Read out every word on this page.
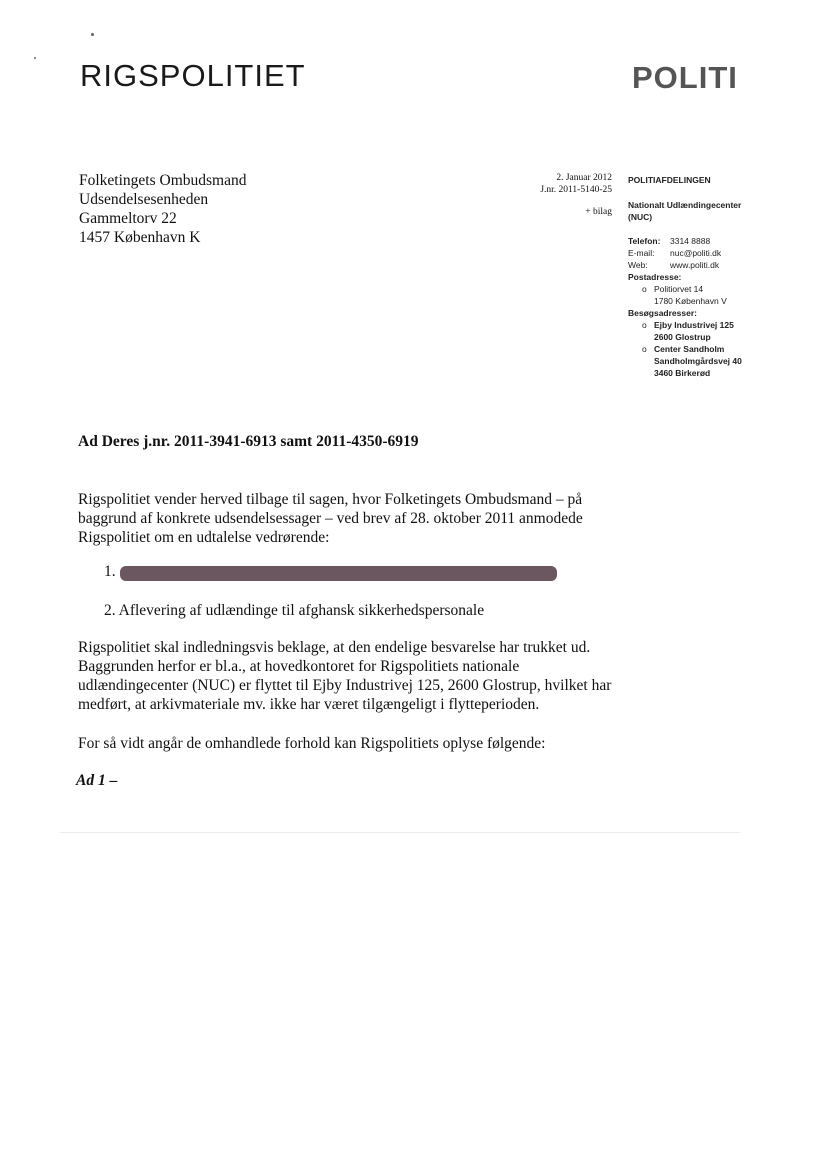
RIGSPOLITIET	POLITI
Folketingets Ombudsmand
Udsendelsesenheden
Gammeltorv 22
1457 København K
2. Januar 2012
J.nr. 2011-5140-25
+ bilag
POLITIAFDELINGEN
Nationalt Udlændingecenter
(NUC)
Telefon: 3314 8888
E-mail: nuc@politi.dk
Web:	www.politi.dk
Postadresse:
o Politiorvet 14
1780 København V
Besøgsadresser:
o Ejby Industrivej 125
2600 Glostrup
o Center Sandholm
Sandholmgårdsvej 40
3460 Birkerød
Ad Deres j.nr. 2011-3941-6913 samt 2011-4350-6919
Rigspolitiet vender herved tilbage til sagen, hvor Folketingets Ombudsmand – på baggrund af konkrete udsendelsessager – ved brev af 28. oktober 2011 anmodede Rigspolitiet om en udtalelse vedrørende:
1.
2. Aflevering af udlændinge til afghansk sikkerhedspersonale
Rigspolitiet skal indledningsvis beklage, at den endelige besvarelse har trukket ud. Baggrunden herfor er bl.a., at hovedkontoret for Rigspolitiets nationale udlændingecenter (NUC) er flyttet til Ejby Industrivej 125, 2600 Glostrup, hvilket har medført, at arkivmateriale mv. ikke har været tilgængeligt i flytteperioden.
For så vidt angår de omhandlede forhold kan Rigspolitiets oplyse følgende:
Ad 1 –
